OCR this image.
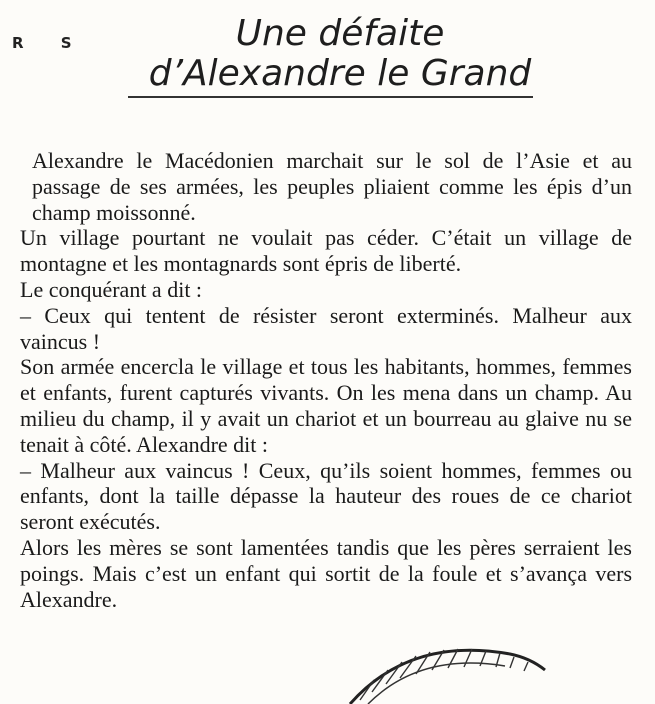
R S	Une défaite
d’Alexandre le Grand

Alexandre le Macédonien marchait sur le sol de l’Asie et au passage de ses armées, les peuples pliaient comme les épis d’un champ moissonné.

Un village pourtant ne voulait pas céder. C’était un village de montagne et les montagnards sont épris de liberté.

Le conquérant a dit :

– Ceux qui tentent de résister seront exterminés. Malheur aux vaincus !

Son armée encercla le village et tous les habitants, hommes, femmes et enfants, furent capturés vivants. On les mena dans un champ. Au milieu du champ, il y avait un chariot et un bourreau au glaive nu se tenait à côté. Alexandre dit :

– Malheur aux vaincus ! Ceux, qu’ils soient hommes, femmes ou enfants, dont la taille dépasse la hauteur des roues de ce chariot seront exécutés.

Alors les mères se sont lamentées tandis que les pères serraient les poings. Mais c’est un enfant qui sortit de la foule et s’avança vers Alexandre.
